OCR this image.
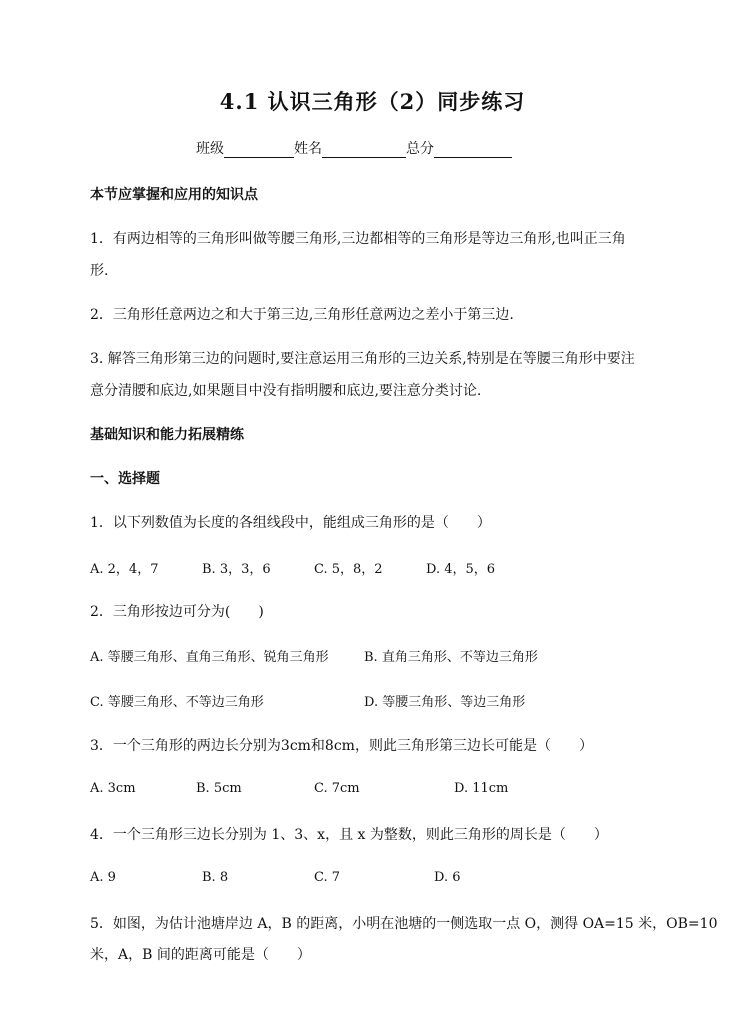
4.1 认识三角形（2）同步练习
班级	姓名	总分
本节应掌握和应用的知识点
1．有两边相等的三角形叫做等腰三角形,三边都相等的三角形是等边三角形,也叫正三角
形.
2．三角形任意两边之和大于第三边,三角形任意两边之差小于第三边.
3. 解答三角形第三边的问题时,要注意运用三角形的三边关系,特别是在等腰三角形中要注
意分清腰和底边,如果题目中没有指明腰和底边,要注意分类讨论.
基础知识和能力拓展精练
一、选择题
1．以下列数值为长度的各组线段中，能组成三角形的是（　　）
A. 2，4，7	B. 3，3，6	C. 5，8，2	D. 4，5，6
2．三角形按边可分为(　　)
A. 等腰三角形、直角三角形、锐角三角形	B. 直角三角形、不等边三角形
C. 等腰三角形、不等边三角形	D. 等腰三角形、等边三角形
3．一个三角形的两边长分别为3cm和8cm，则此三角形第三边长可能是（　　）
A. 3cm	B. 5cm	C. 7cm	D. 11cm
4．一个三角形三边长分别为 1、3、x，且 x 为整数，则此三角形的周长是（　　）
A. 9	B. 8	C. 7	D. 6
5．如图，为估计池塘岸边 A，B 的距离，小明在池塘的一侧选取一点 O，测得 OA=15 米，OB=10
米，A，B 间的距离可能是（　　）
